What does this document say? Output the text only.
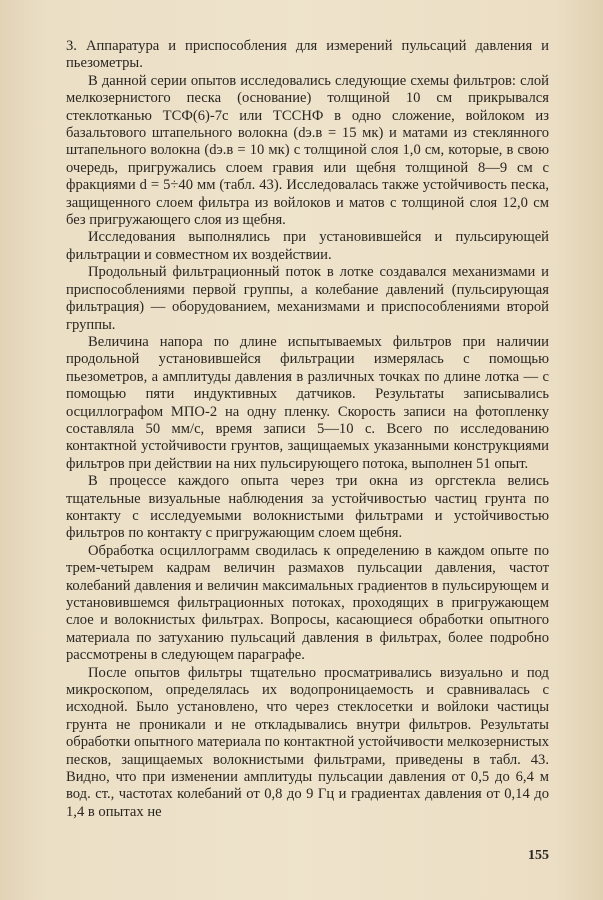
3. Аппаратура и приспособления для измерений пульсаций давления и пьезометры.

В данной серии опытов исследовались следующие схемы фильтров: слой мелкозернистого песка (основание) толщиной 10 см прикрывался стеклотканью ТСФ(6)-7с или ТССНФ в одно сложение, войлоком из базальтового штапельного волокна (dэ.в = 15 мк) и матами из стеклянного штапельного волокна (dэ.в = 10 мк) с толщиной слоя 1,0 см, которые, в свою очередь, пригружались слоем гравия или щебня толщиной 8—9 см с фракциями d = 5÷40 мм (табл. 43). Исследовалась также устойчивость песка, защищенного слоем фильтра из войлоков и матов с толщиной слоя 12,0 см без пригружающего слоя из щебня.

Исследования выполнялись при установившейся и пульсирующей фильтрации и совместном их воздействии.

Продольный фильтрационный поток в лотке создавался механизмами и приспособлениями первой группы, а колебание давлений (пульсирующая фильтрация) — оборудованием, механизмами и приспособлениями второй группы.

Величина напора по длине испытываемых фильтров при наличии продольной установившейся фильтрации измерялась с помощью пьезометров, а амплитуды давления в различных точках по длине лотка — с помощью пяти индуктивных датчиков. Результаты записывались осциллографом МПО-2 на одну пленку. Скорость записи на фотопленку составляла 50 мм/с, время записи 5—10 с. Всего по исследованию контактной устойчивости грунтов, защищаемых указанными конструкциями фильтров при действии на них пульсирующего потока, выполнен 51 опыт.

В процессе каждого опыта через три окна из оргстекла велись тщательные визуальные наблюдения за устойчивостью частиц грунта по контакту с исследуемыми волокнистыми фильтрами и устойчивостью фильтров по контакту с пригружающим слоем щебня.

Обработка осциллограмм сводилась к определению в каждом опыте по трем-четырем кадрам величин размахов пульсации давления, частот колебаний давления и величин максимальных градиентов в пульсирующем и установившемся фильтрационных потоках, проходящих в пригружающем слое и волокнистых фильтрах. Вопросы, касающиеся обработки опытного материала по затуханию пульсаций давления в фильтрах, более подробно рассмотрены в следующем параграфе.

После опытов фильтры тщательно просматривались визуально и под микроскопом, определялась их водопроницаемость и сравнивалась с исходной. Было установлено, что через стеклосетки и войлоки частицы грунта не проникали и не откладывались внутри фильтров. Результаты обработки опытного материала по контактной устойчивости мелкозернистых песков, защищаемых волокнистыми фильтрами, приведены в табл. 43. Видно, что при изменении амплитуды пульсации давления от 0,5 до 6,4 м вод. ст., частотах колебаний от 0,8 до 9 Гц и градиентах давления от 0,14 до 1,4 в опытах не

155
